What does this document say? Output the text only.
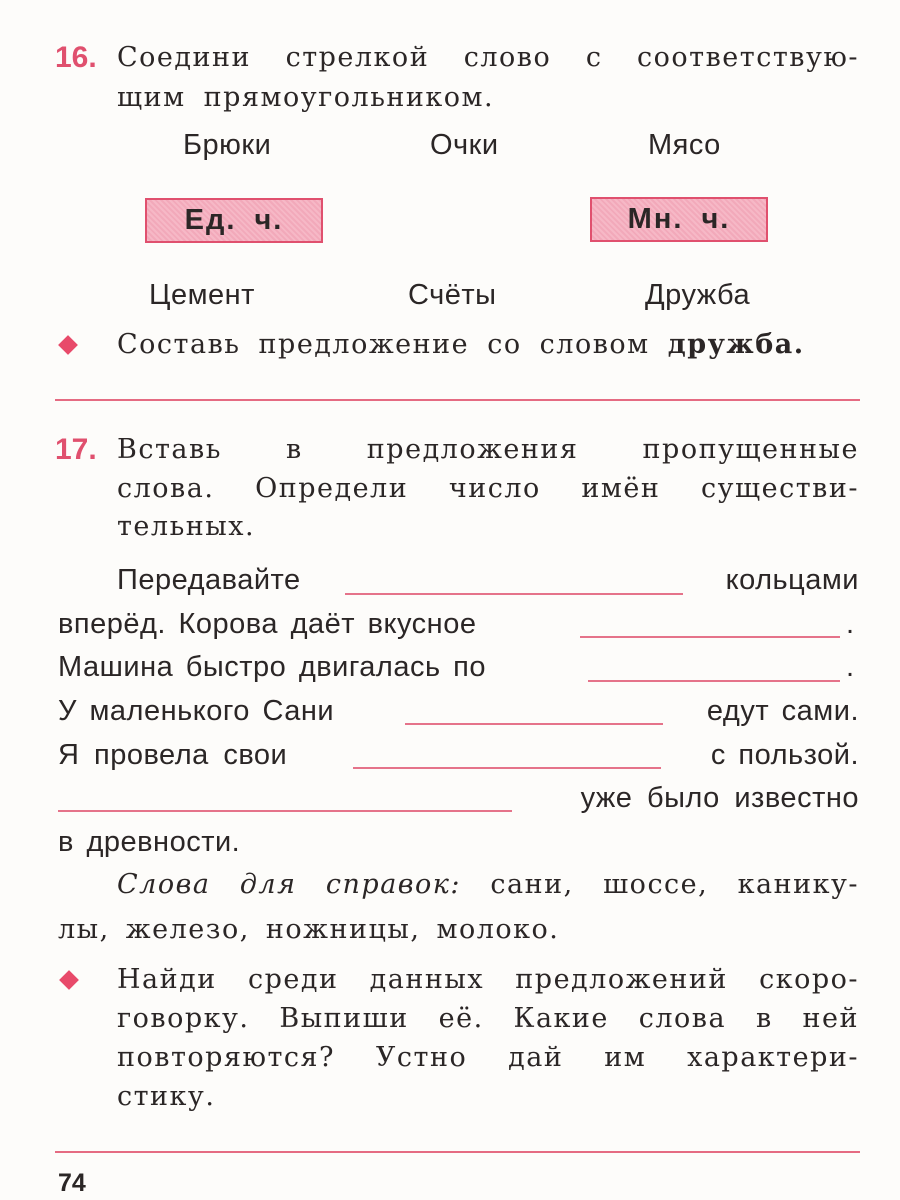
16. Соедини стрелкой слово с соответствую-
щим прямоугольником.
Брюки	Очки	Мясо
Ед. ч.	Мн. ч.
Цемент	Счёты	Дружба
Составь предложение со словом дружба.
17. Вставь в предложения пропущенные
слова. Определи число имён существи-
тельных.
Передавайте	кольцами
вперёд. Корова даёт вкусное	.
Машина быстро двигалась по	.
У маленького Сани	едут сами.
Я провела свои	с пользой.
уже было известно
в древности.
Слова для справок: сани, шоссе, канику-
лы, железо, ножницы, молоко.
Найди среди данных предложений скоро-
говорку. Выпиши её. Какие слова в ней
повторяются? Устно дай им характери-
стику.
74
